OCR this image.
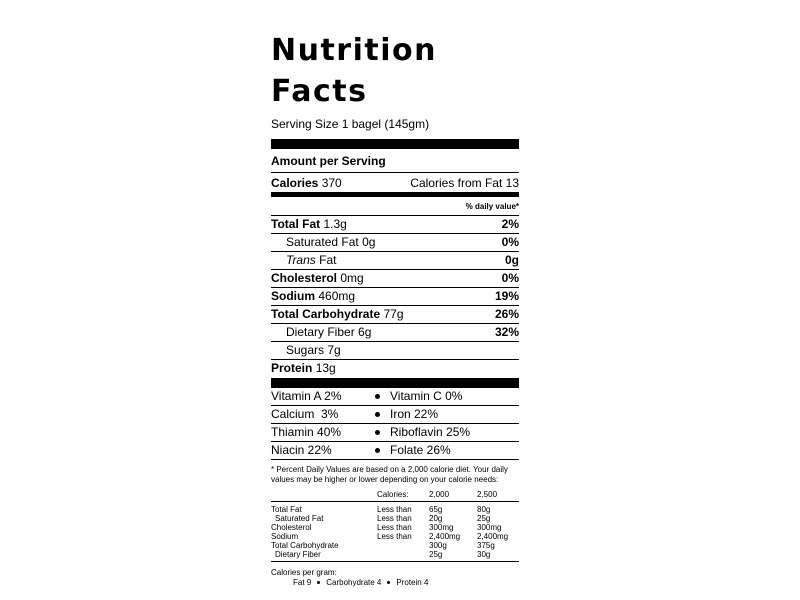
Nutrition
Facts
Serving Size 1 bagel (145gm)
Amount per Serving
Calories 370	Calories from Fat 13
% daily value*
Total Fat 1.3g	2%
Saturated Fat 0g	0%
Trans Fat	0g
Cholesterol 0mg	0%
Sodium 460mg	19%
Total Carbohydrate 77g	26%
Dietary Fiber 6g	32%
Sugars 7g
Protein 13g
Vitamin A 2%	Vitamin C 0%
Calcium  3%	Iron 22%
Thiamin 40%	Riboflavin 25%
Niacin 22%	Folate 26%
* Percent Daily Values are based on a 2,000 calorie diet. Your daily values may be higher or lower depending on your calorie needs:
	Calories:	2,000	2,500

Total Fat	Less than	65g	80g
Saturated Fat	Less than	20g	25g
Cholesterol	Less than	300mg	300mg
Sodium	Less than	2,400mg	2,400mg
Total Carbohydrate		300g	375g
Dietary Fiber		25g	30g
Calories per gram:
Fat 9 Carbohydrate 4 Protein 4
